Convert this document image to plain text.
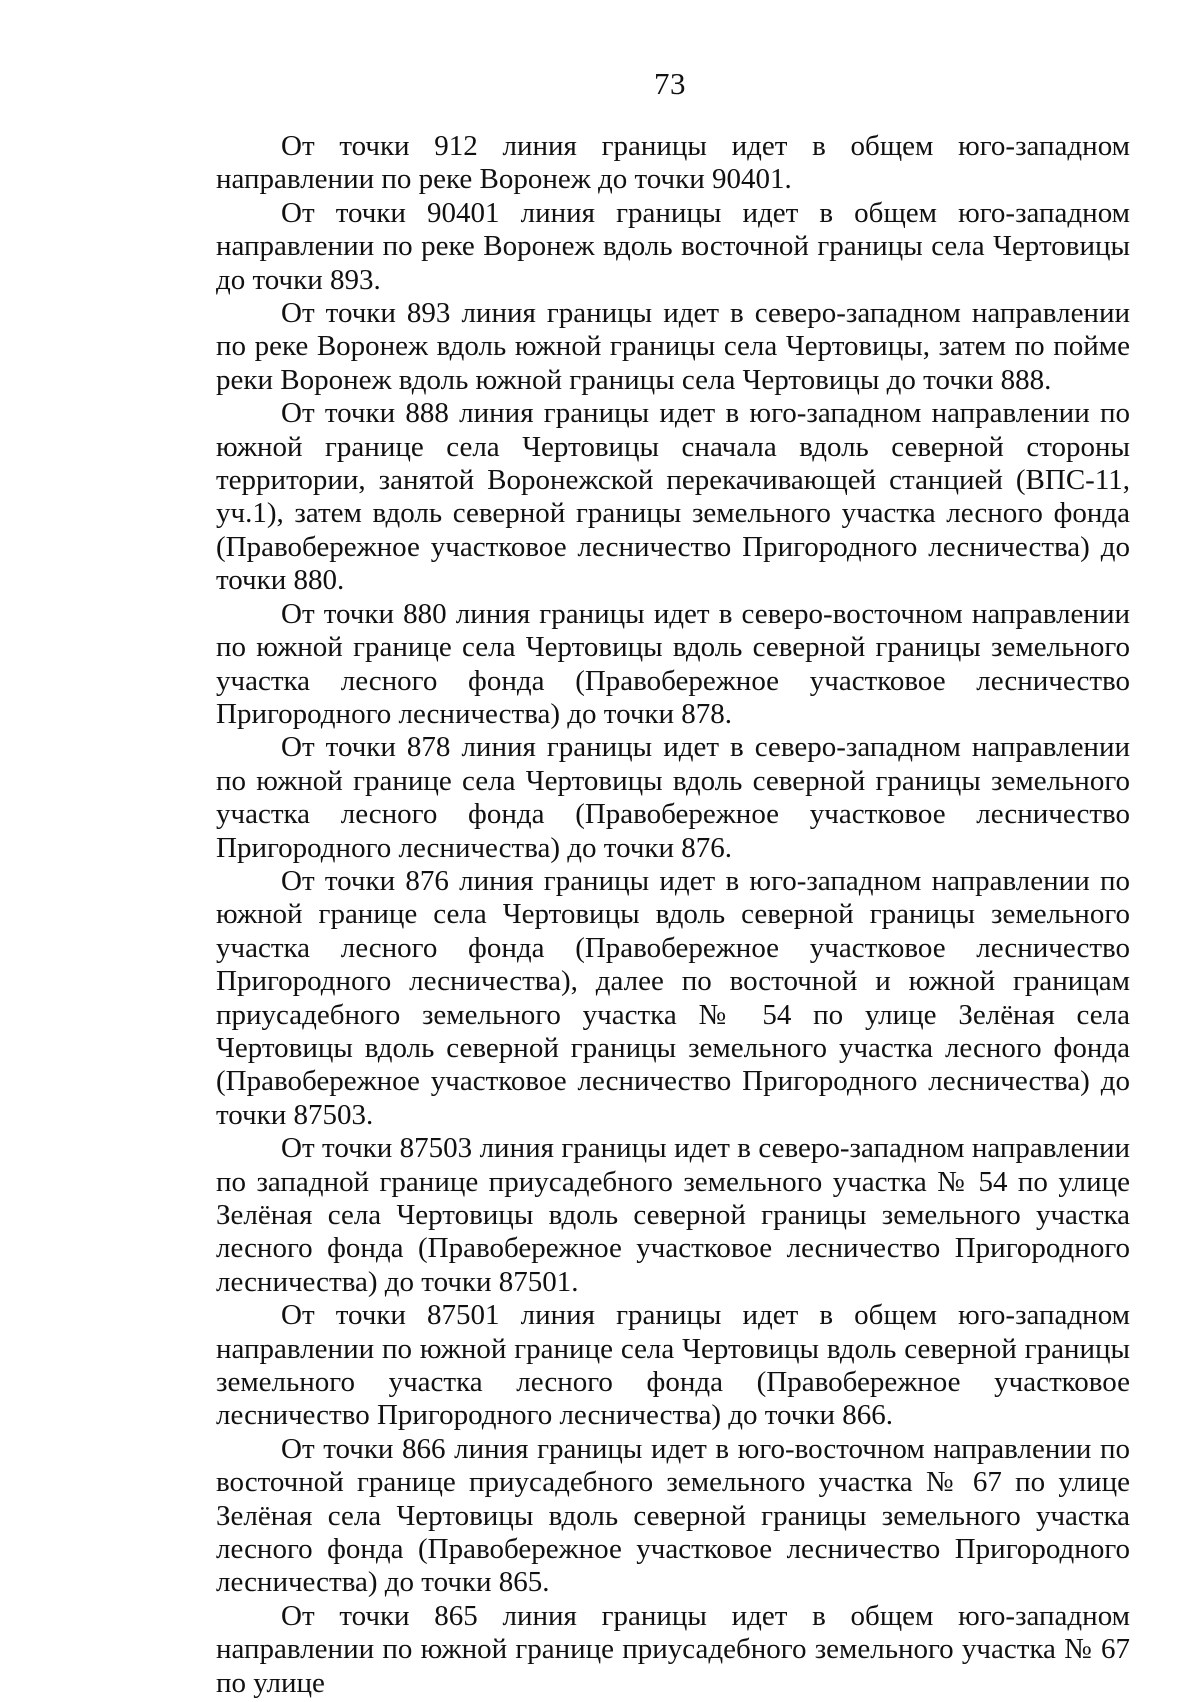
73

От точки 912 линия границы идет в общем юго-западном направлении по реке Воронеж до точки 90401.

От точки 90401 линия границы идет в общем юго-западном направлении по реке Воронеж вдоль восточной границы села Чертовицы до точки 893.

От точки 893 линия границы идет в северо-западном направлении по реке Воронеж вдоль южной границы села Чертовицы, затем по пойме реки Воронеж вдоль южной границы села Чертовицы до точки 888.

От точки 888 линия границы идет в юго-западном направлении по южной границе села Чертовицы сначала вдоль северной стороны территории, занятой Воронежской перекачивающей станцией (ВПС-11, уч.1), затем вдоль северной границы земельного участка лесного фонда (Правобережное участковое лесничество Пригородного лесничества) до точки 880.

От точки 880 линия границы идет в северо-восточном направлении по южной границе села Чертовицы вдоль северной границы земельного участка лесного фонда (Правобережное участковое лесничество Пригородного лесничества) до точки 878.

От точки 878 линия границы идет в северо-западном направлении по южной границе села Чертовицы вдоль северной границы земельного участка лесного фонда (Правобережное участковое лесничество Пригородного лесничества) до точки 876.

От точки 876 линия границы идет в юго-западном направлении по южной границе села Чертовицы вдоль северной границы земельного участка лесного фонда (Правобережное участковое лесничество Пригородного лесничества), далее по восточной и южной границам приусадебного земельного участка № 54 по улице Зелёная села Чертовицы вдоль северной границы земельного участка лесного фонда (Правобережное участковое лесничество Пригородного лесничества) до точки 87503.

От точки 87503 линия границы идет в северо-западном направлении по западной границе приусадебного земельного участка № 54 по улице Зелёная села Чертовицы вдоль северной границы земельного участка лесного фонда (Правобережное участковое лесничество Пригородного лесничества) до точки 87501.

От точки 87501 линия границы идет в общем юго-западном направлении по южной границе села Чертовицы вдоль северной границы земельного участка лесного фонда (Правобережное участковое лесничество Пригородного лесничества) до точки 866.

От точки 866 линия границы идет в юго-восточном направлении по восточной границе приусадебного земельного участка № 67 по улице Зелёная села Чертовицы вдоль северной границы земельного участка лесного фонда (Правобережное участковое лесничество Пригородного лесничества) до точки 865.

От точки 865 линия границы идет в общем юго-западном направлении по южной границе приусадебного земельного участка № 67 по улице
